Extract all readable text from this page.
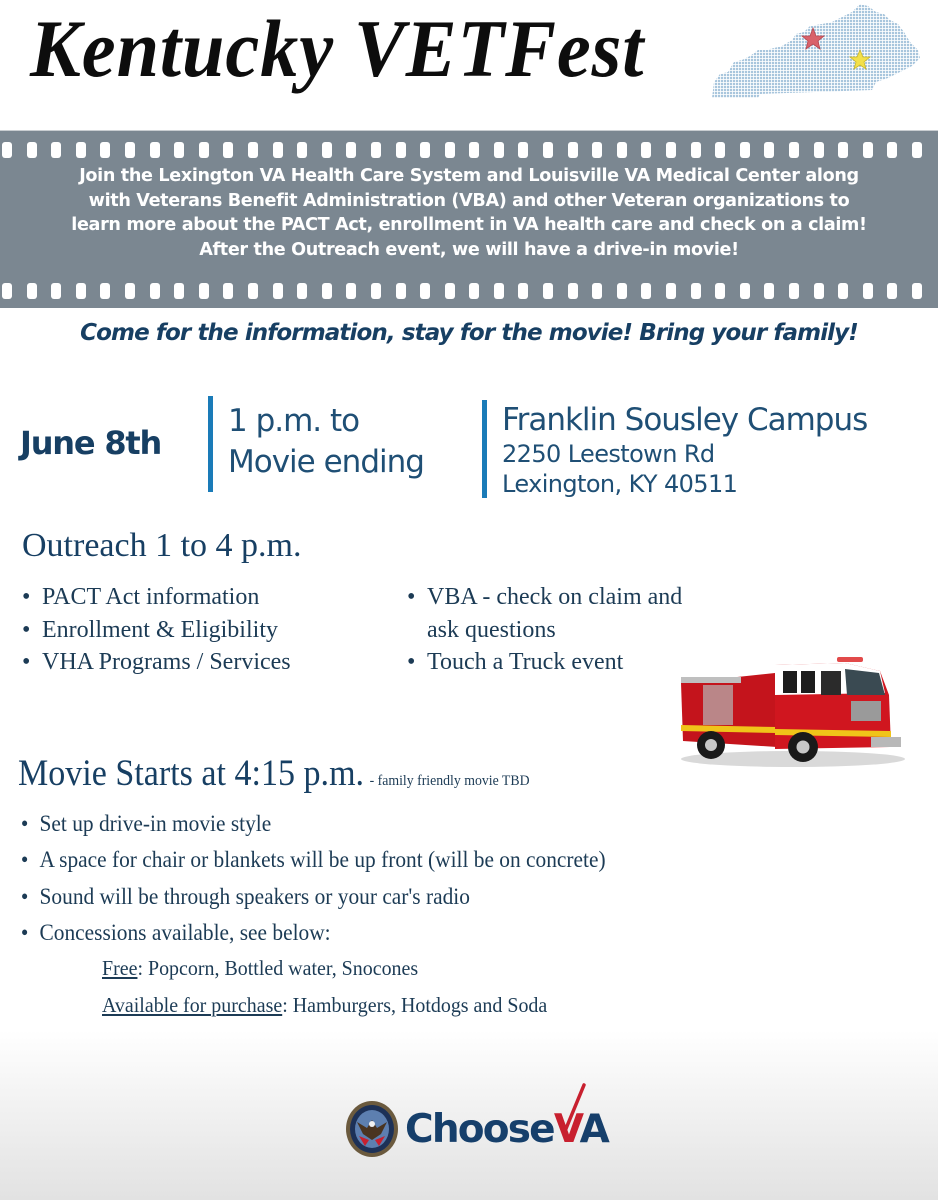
Kentucky VETFest
Join the Lexington VA Health Care System and Louisville VA Medical Center along
with Veterans Benefit Administration (VBA) and other Veteran organizations to
learn more about the PACT Act, enrollment in VA health care and check on a claim!
After the Outreach event, we will have a drive-in movie!
Come for the information, stay for the movie! Bring your family!
June 8th
1 p.m. to
Movie ending
Franklin Sousley Campus
2250 Leestown Rd
Lexington, KY 40511
Outreach 1 to 4 p.m.
• PACT Act information
• Enrollment & Eligibility
• VHA Programs / Services
• VBA - check on claim and
ask questions
• Touch a Truck event
Movie Starts at 4:15 p.m. - family friendly movie TBD
• Set up drive-in movie style
• A space for chair or blankets will be up front (will be on concrete)
• Sound will be through speakers or your car's radio
• Concessions available, see below:
Free: Popcorn, Bottled water, Snocones
Available for purchase: Hamburgers, Hotdogs and Soda
ChooseVA
